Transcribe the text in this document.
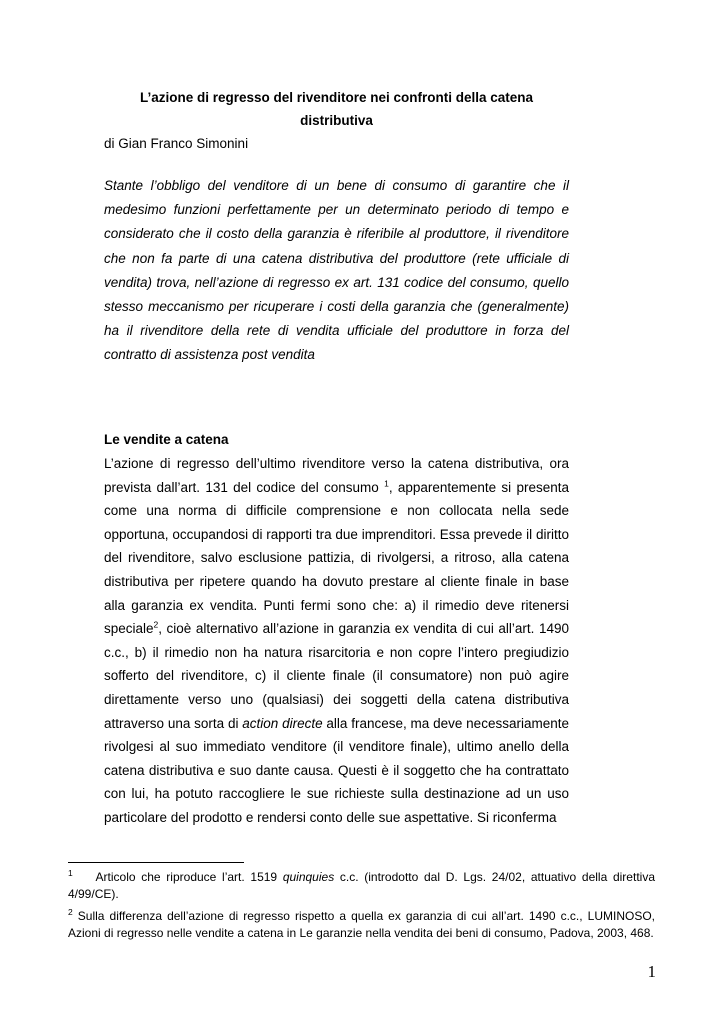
L’azione di regresso del rivenditore nei confronti della catena
distributiva
di Gian Franco Simonini

Stante l’obbligo del venditore di un bene di consumo di garantire che il medesimo funzioni perfettamente per un determinato periodo di tempo e considerato che il costo della garanzia è riferibile al produttore, il rivenditore che non fa parte di una catena distributiva del produttore (rete ufficiale di vendita) trova, nell’azione di regresso ex art. 131 codice del consumo, quello stesso meccanismo per ricuperare i costi della garanzia che (generalmente) ha il rivenditore della rete di vendita ufficiale del produttore in forza del contratto di assistenza post vendita

Le vendite a catena

L’azione di regresso dell’ultimo rivenditore verso la catena distributiva, ora prevista dall’art. 131 del codice del consumo $^1$, apparentemente si presenta come una norma di difficile comprensione e non collocata nella sede opportuna, occupandosi di rapporti tra due imprenditori. Essa prevede il diritto del rivenditore, salvo esclusione pattizia, di rivolgersi, a ritroso, alla catena distributiva per ripetere quando ha dovuto prestare al cliente finale in base alla garanzia ex vendita. Punti fermi sono che: a) il rimedio deve ritenersi speciale$^2$, cioè alternativo all’azione in garanzia ex vendita di cui all’art. 1490 c.c., b) il rimedio non ha natura risarcitoria e non copre l’intero pregiudizio sofferto del rivenditore, c) il cliente finale (il consumatore) non può agire direttamente verso uno (qualsiasi) dei soggetti della catena distributiva attraverso una sorta di action directe alla francese, ma deve necessariamente rivolgesi al suo immediato venditore (il venditore finale), ultimo anello della catena distributiva e suo dante causa. Questi è il soggetto che ha contrattato con lui, ha potuto raccogliere le sue richieste sulla destinazione ad un uso particolare del prodotto e rendersi conto delle sue aspettative. Si riconferma

$^1$ Articolo che riproduce l’art. 1519 quinquies c.c. (introdotto dal D. Lgs. 24/02, attuativo della direttiva 4/99/CE).

$^2$ Sulla differenza dell’azione di regresso rispetto a quella ex garanzia di cui all’art. 1490 c.c., LUMINOSO, Azioni di regresso nelle vendite a catena in Le garanzie nella vendita dei beni di consumo, Padova, 2003, 468.

1
